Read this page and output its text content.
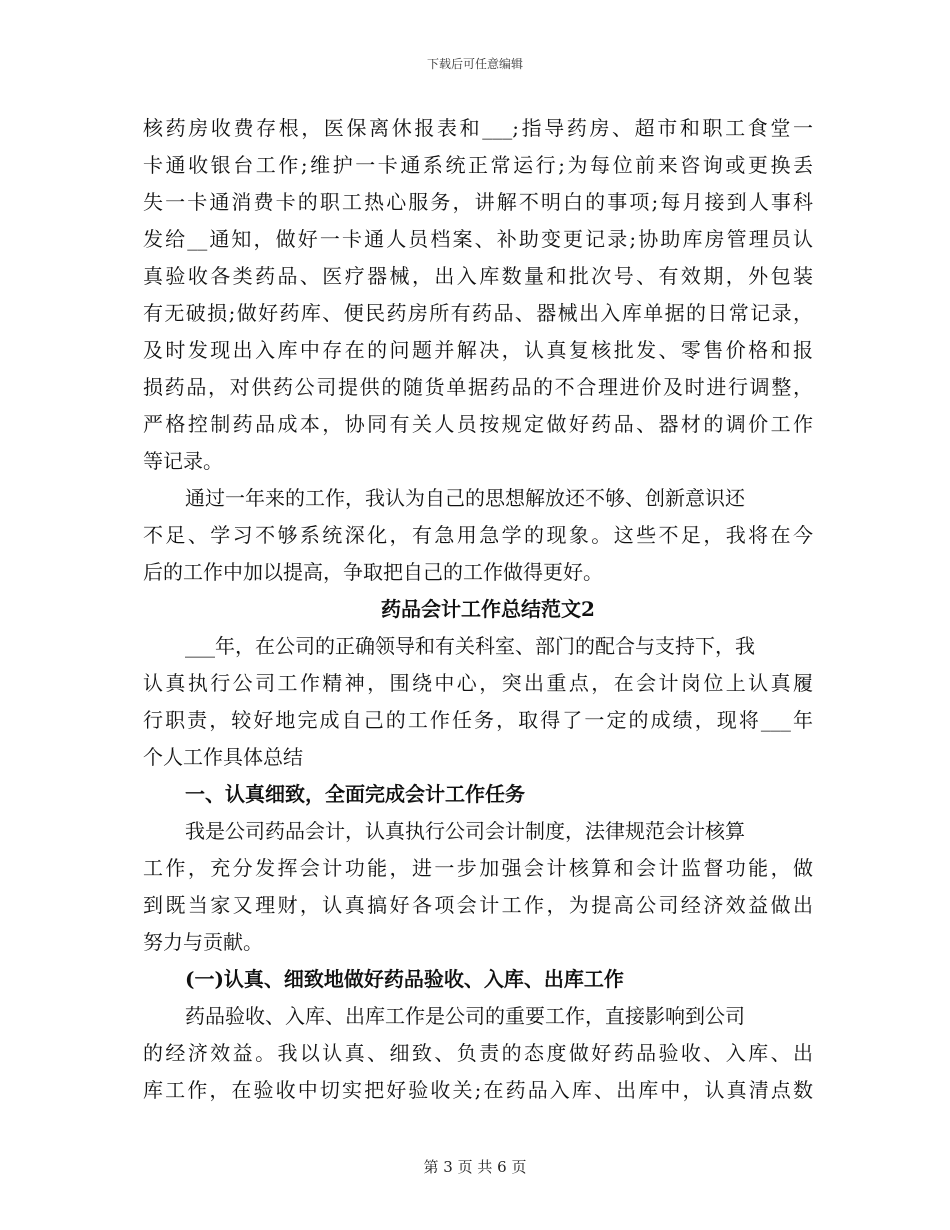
下载后可任意编辑
核药房收费存根，医保离休报表和___;指导药房、超市和职工食堂一
卡通收银台工作;维护一卡通系统正常运行;为每位前来咨询或更换丢
失一卡通消费卡的职工热心服务，讲解不明白的事项;每月接到人事科
发给__通知，做好一卡通人员档案、补助变更记录;协助库房管理员认
真验收各类药品、医疗器械，出入库数量和批次号、有效期，外包装
有无破损;做好药库、便民药房所有药品、器械出入库单据的日常记录，
及时发现出入库中存在的问题并解决，认真复核批发、零售价格和报
损药品，对供药公司提供的随货单据药品的不合理进价及时进行调整，
严格控制药品成本，协同有关人员按规定做好药品、器材的调价工作
等记录。
通过一年来的工作，我认为自己的思想解放还不够、创新意识还
不足、学习不够系统深化，有急用急学的现象。这些不足，我将在今
后的工作中加以提高，争取把自己的工作做得更好。
药品会计工作总结范文2
___年，在公司的正确领导和有关科室、部门的配合与支持下，我
认真执行公司工作精神，围绕中心，突出重点，在会计岗位上认真履
行职责，较好地完成自己的工作任务，取得了一定的成绩，现将___年
个人工作具体总结
一、认真细致，全面完成会计工作任务
我是公司药品会计，认真执行公司会计制度，法律规范会计核算
工作，充分发挥会计功能，进一步加强会计核算和会计监督功能，做
到既当家又理财，认真搞好各项会计工作，为提高公司经济效益做出
努力与贡献。
(一)认真、细致地做好药品验收、入库、出库工作
药品验收、入库、出库工作是公司的重要工作，直接影响到公司
的经济效益。我以认真、细致、负责的态度做好药品验收、入库、出
库工作，在验收中切实把好验收关;在药品入库、出库中，认真清点数
第 3 页 共 6 页
